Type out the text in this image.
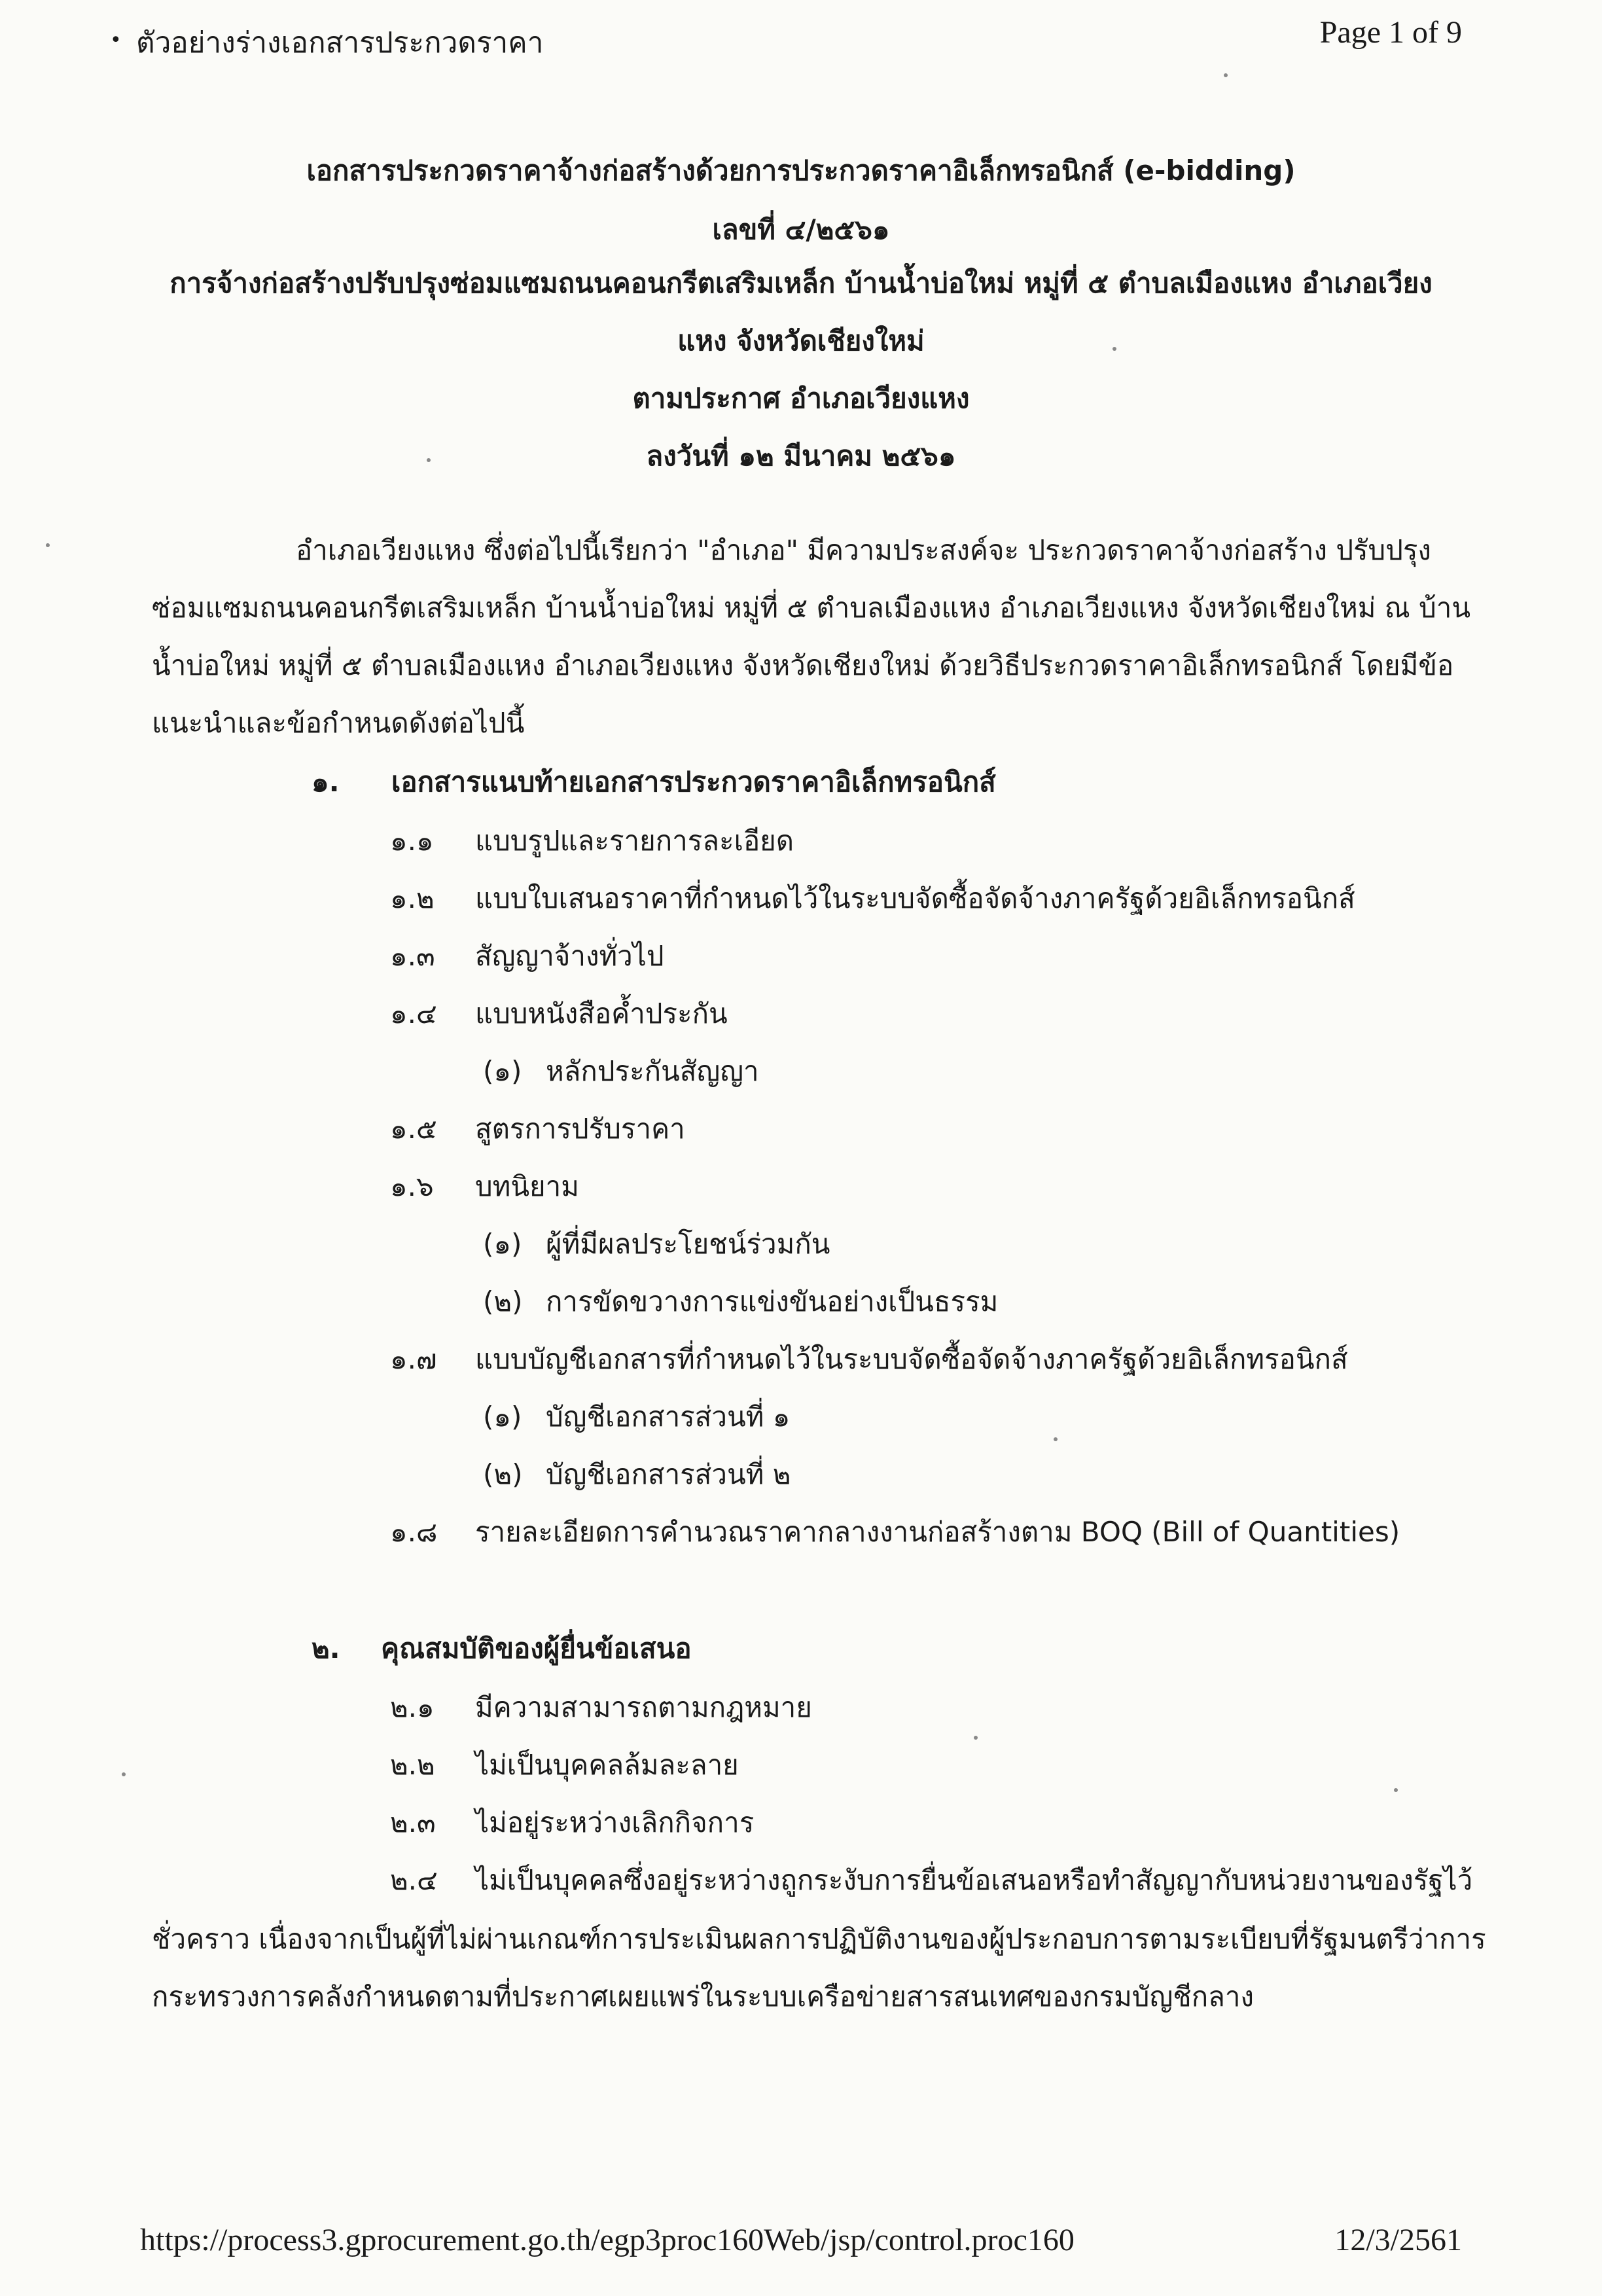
• ตัวอย่างร่างเอกสารประกวดราคา	Page 1 of 9
เอกสารประกวดราคาจ้างก่อสร้างด้วยการประกวดราคาอิเล็กทรอนิกส์ (e-bidding)
เลขที่ ๔/๒๕๖๑
การจ้างก่อสร้างปรับปรุงซ่อมแซมถนนคอนกรีตเสริมเหล็ก บ้านน้ำบ่อใหม่ หมู่ที่ ๕ ตำบลเมืองแหง อำเภอเวียง
แหง จังหวัดเชียงใหม่
ตามประกาศ อำเภอเวียงแหง
ลงวันที่ ๑๒ มีนาคม ๒๕๖๑
อำเภอเวียงแหง ซึ่งต่อไปนี้เรียกว่า "อำเภอ" มีความประสงค์จะ ประกวดราคาจ้างก่อสร้าง ปรับปรุง
ซ่อมแซมถนนคอนกรีตเสริมเหล็ก บ้านน้ำบ่อใหม่ หมู่ที่ ๕ ตำบลเมืองแหง อำเภอเวียงแหง จังหวัดเชียงใหม่ ณ บ้าน
น้ำบ่อใหม่ หมู่ที่ ๕ ตำบลเมืองแหง อำเภอเวียงแหง จังหวัดเชียงใหม่ ด้วยวิธีประกวดราคาอิเล็กทรอนิกส์ โดยมีข้อ
แนะนำและข้อกำหนดดังต่อไปนี้
๑. เอกสารแนบท้ายเอกสารประกวดราคาอิเล็กทรอนิกส์
๑.๑ แบบรูปและรายการละเอียด
๑.๒ แบบใบเสนอราคาที่กำหนดไว้ในระบบจัดซื้อจัดจ้างภาครัฐด้วยอิเล็กทรอนิกส์
๑.๓ สัญญาจ้างทั่วไป
๑.๔ แบบหนังสือค้ำประกัน
(๑) หลักประกันสัญญา
๑.๕ สูตรการปรับราคา
๑.๖ บทนิยาม
(๑) ผู้ที่มีผลประโยชน์ร่วมกัน
(๒) การขัดขวางการแข่งขันอย่างเป็นธรรม
๑.๗ แบบบัญชีเอกสารที่กำหนดไว้ในระบบจัดซื้อจัดจ้างภาครัฐด้วยอิเล็กทรอนิกส์
(๑) บัญชีเอกสารส่วนที่ ๑
(๒) บัญชีเอกสารส่วนที่ ๒
๑.๘ รายละเอียดการคำนวณราคากลางงานก่อสร้างตาม BOQ (Bill of Quantities)
๒. คุณสมบัติของผู้ยื่นข้อเสนอ
๒.๑ มีความสามารถตามกฎหมาย
๒.๒ ไม่เป็นบุคคลล้มละลาย
๒.๓ ไม่อยู่ระหว่างเลิกกิจการ
๒.๔ ไม่เป็นบุคคลซึ่งอยู่ระหว่างถูกระงับการยื่นข้อเสนอหรือทำสัญญากับหน่วยงานของรัฐไว้
ชั่วคราว เนื่องจากเป็นผู้ที่ไม่ผ่านเกณฑ์การประเมินผลการปฏิบัติงานของผู้ประกอบการตามระเบียบที่รัฐมนตรีว่าการ
กระทรวงการคลังกำหนดตามที่ประกาศเผยแพร่ในระบบเครือข่ายสารสนเทศของกรมบัญชีกลาง
https://process3.gprocurement.go.th/egp3proc160Web/jsp/control.proc160	12/3/2561
